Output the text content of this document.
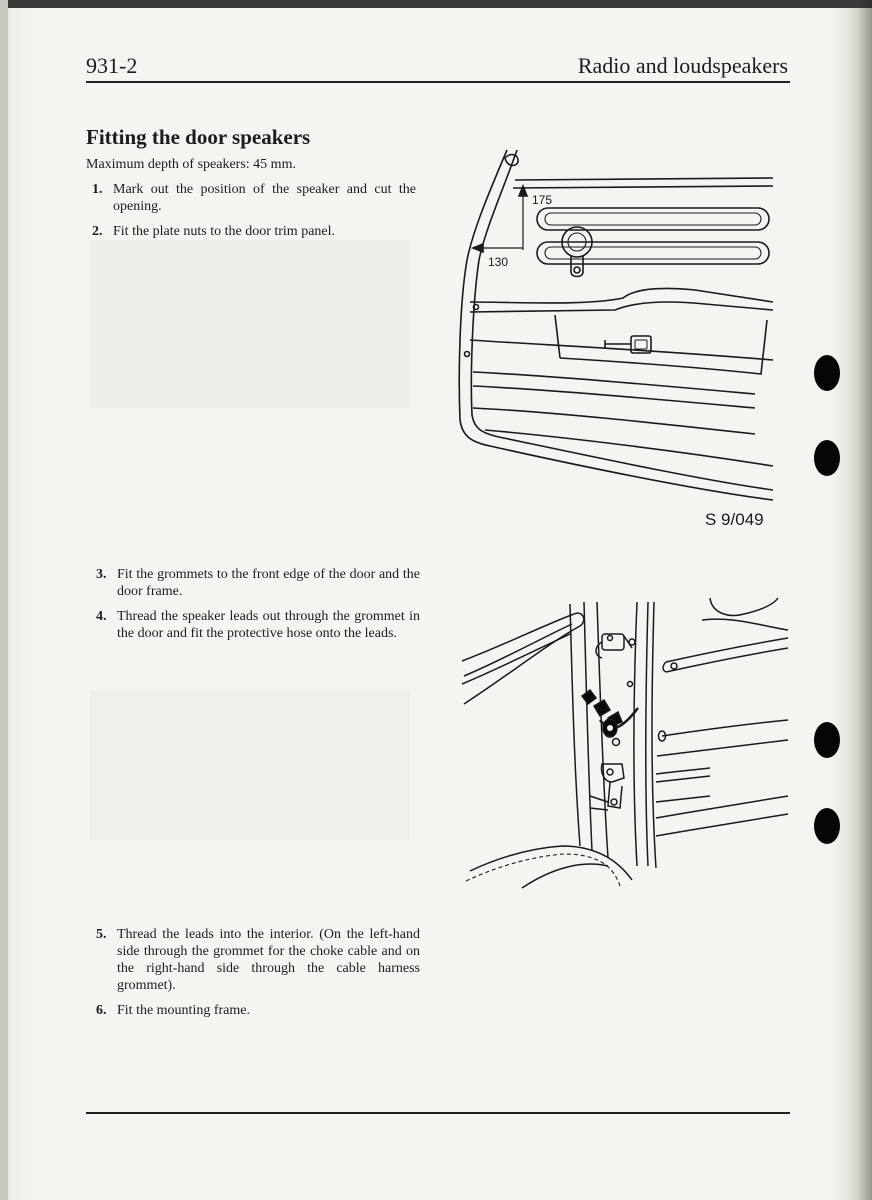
931-2	Radio and loudspeakers
Fitting the door speakers
Maximum depth of speakers: 45 mm.
1. Mark out the position of the speaker and cut the opening.
2. Fit the plate nuts to the door trim panel.
3. Fit the grommets to the front edge of the door and the door frame.
4. Thread the speaker leads out through the grommet in the door and fit the protective hose onto the leads.
5. Thread the leads into the interior. (On the left-hand side through the grommet for the choke cable and on the right-hand side through the cable harness grommet).
6. Fit the mounting frame.
175
130
S 9/049
